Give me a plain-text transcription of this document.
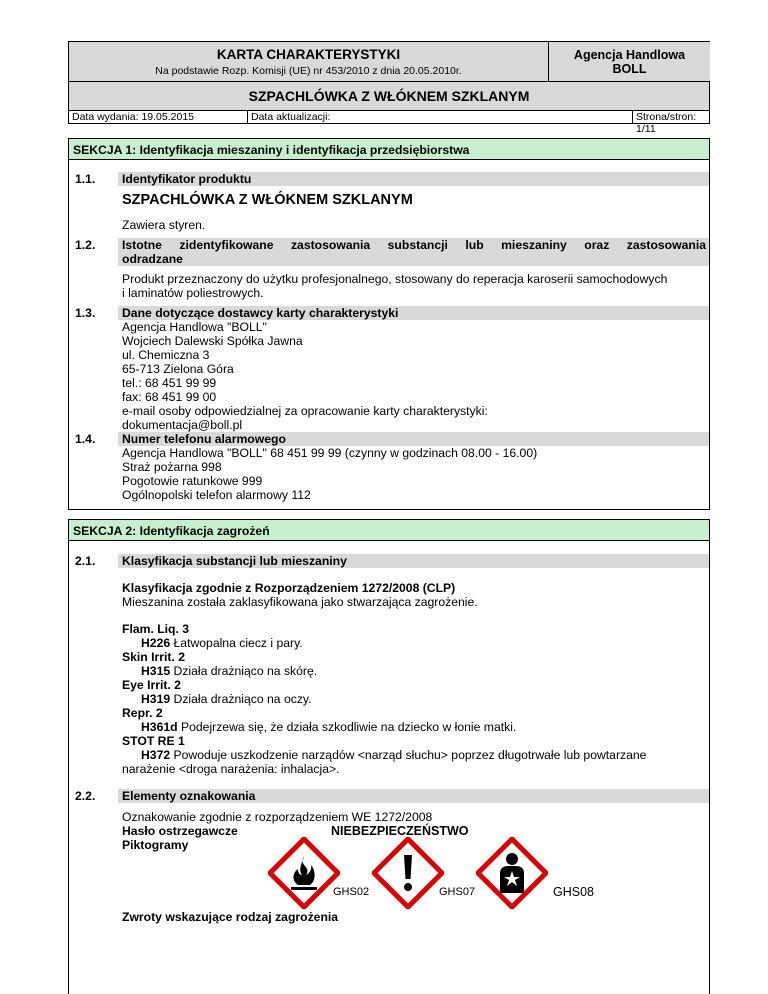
KARTA CHARAKTERYSTYKI
Na podstawie Rozp. Komisji (UE) nr 453/2010 z dnia 20.05.2010r.
Agencja Handlowa
BOLL
SZPACHLÓWKA Z WŁÓKNEM SZKLANYM
Data wydania: 19.05.2015	Data aktualizacji:	Strona/stron: 1/11
SEKCJA 1: Identyfikacja mieszaniny i identyfikacja przedsiębiorstwa
1.1. Identyfikator produktu
SZPACHLÓWKA Z WŁÓKNEM SZKLANYM
Zawiera styren.
1.2. Istotne zidentyfikowane zastosowania substancji lub mieszaniny oraz zastosowania
odradzane
Produkt przeznaczony do użytku profesjonalnego, stosowany do reperacja karoserii samochodowych
i laminatów poliestrowych.
1.3. Dane dotyczące dostawcy karty charakterystyki
Agencja Handlowa "BOLL"
Wojciech Dalewski Spółka Jawna
ul. Chemiczna 3
65-713 Zielona Góra
tel.: 68 451 99 99
fax: 68 451 99 00
e-mail osoby odpowiedzialnej za opracowanie karty charakterystyki:
dokumentacja@boll.pl
1.4. Numer telefonu alarmowego
Agencja Handlowa "BOLL" 68 451 99 99 (czynny w godzinach 08.00 - 16.00)
Straż pożarna 998
Pogotowie ratunkowe 999
Ogólnopolski telefon alarmowy 112
SEKCJA 2: Identyfikacja zagrożeń
2.1. Klasyfikacja substancji lub mieszaniny
Klasyfikacja zgodnie z Rozporządzeniem 1272/2008 (CLP)
Mieszanina została zaklasyfikowana jako stwarzająca zagrożenie.
Flam. Liq. 3
H226 Łatwopalna ciecz i pary.
Skin Irrit. 2
H315 Działa drażniąco na skórę.
Eye Irrit. 2
H319 Działa drażniąco na oczy.
Repr. 2
H361d Podejrzewa się, że działa szkodliwie na dziecko w łonie matki.
STOT RE 1
H372 Powoduje uszkodzenie narządów <narząd słuchu> poprzez długotrwałe lub powtarzane
narażenie <droga narażenia: inhalacja>.
2.2. Elementy oznakowania
Oznakowanie zgodnie z rozporządzeniem WE 1272/2008
Hasło ostrzegawcze
Piktogramy
NIEBEZPIECZEŃSTWO
GHS02	GHS07	GHS08
Zwroty wskazujące rodzaj zagrożenia
